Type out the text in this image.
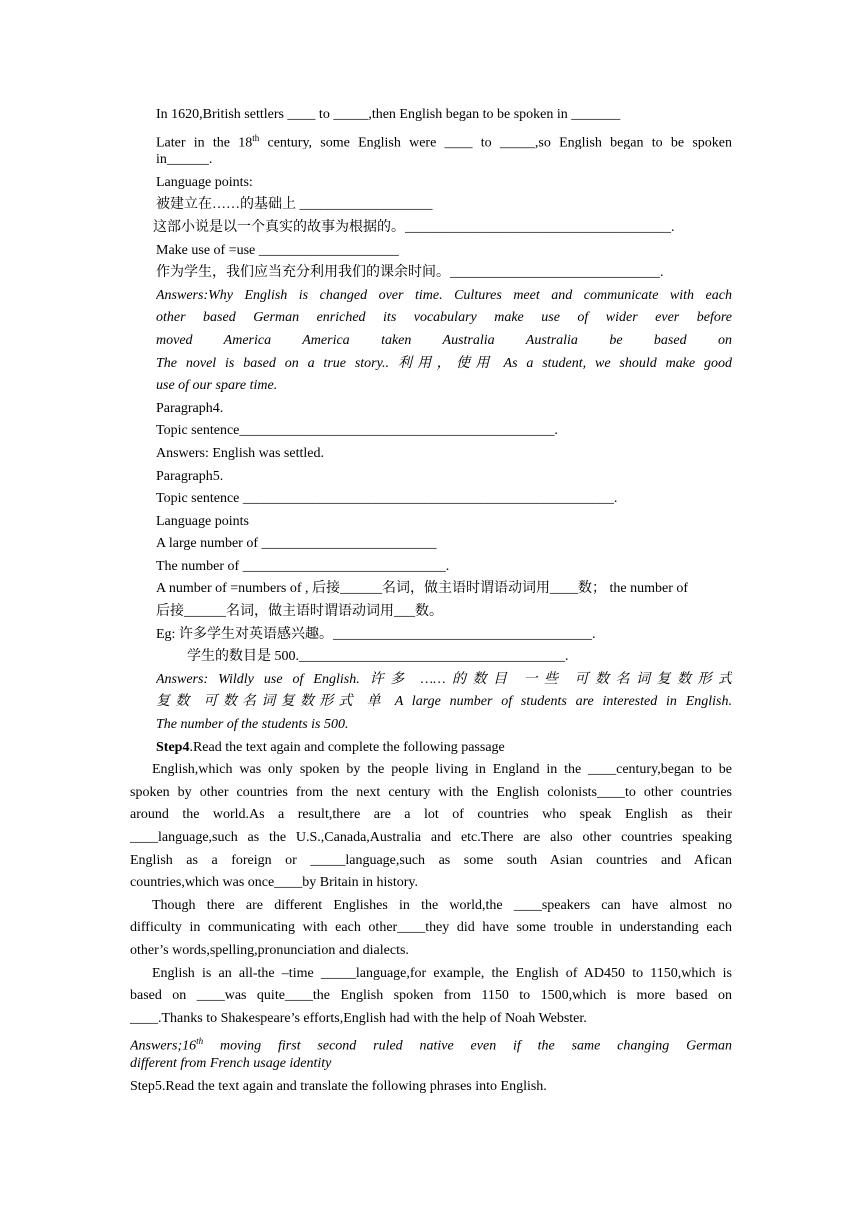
In 1620,British settlers ____ to _____,then English began to be spoken in _______
Later in the 18th century, some English were ____ to _____,so English began to be spoken
in______.
Language points:
被建立在……的基础上 ___________________
这部小说是以一个真实的故事为根据的。______________________________________.
Make use of =use ____________________
作为学生，我们应当充分利用我们的课余时间。______________________________.
Answers:Why English is changed over time. Cultures meet and communicate with each
other based German enriched its vocabulary make use of wider ever before
moved America America taken Australia Australia be based on
The novel is based on a true story.. 利用，使用 As a student, we should make good
use of our spare time.
Paragraph4.
Topic sentence_____________________________________________.
Answers: English was settled.
Paragraph5.
Topic sentence _____________________________________________________.
Language points
A large number of _________________________
The number of _____________________________.
A number of =numbers of , 后接______名词，做主语时谓语动词用____数； the number of
后接______名词，做主语时谓语动词用___数。
Eg: 许多学生对英语感兴趣。_____________________________________.
学生的数目是 500.______________________________________.
Answers: Wildly use of English. 许多 ……的数目 一些 可数名词复数形式
复数 可数名词复数形式 单 A large number of students are interested in English.
The number of the students is 500.
Step4.Read the text again and complete the following passage
English,which was only spoken by the people living in England in the ____century,began to be
spoken by other countries from the next century with the English colonists____to other countries
around the world.As a result,there are a lot of countries who speak English as their
____language,such as the U.S.,Canada,Australia and etc.There are also other countries speaking
English as a foreign or _____language,such as some south Asian countries and Afican
countries,which was once____by Britain in history.
Though there are different Englishes in the world,the ____speakers can have almost no
difficulty in communicating with each other____they did have some trouble in understanding each
other’s words,spelling,pronunciation and dialects.
English is an all-the –time _____language,for example, the English of AD450 to 1150,which is
based on ____was quite____the English spoken from 1150 to 1500,which is more based on
____.Thanks to Shakespeare’s efforts,English had with the help of Noah Webster.
Answers;16th moving first second ruled native even if the same changing German
different from French usage identity
Step5.Read the text again and translate the following phrases into English.
